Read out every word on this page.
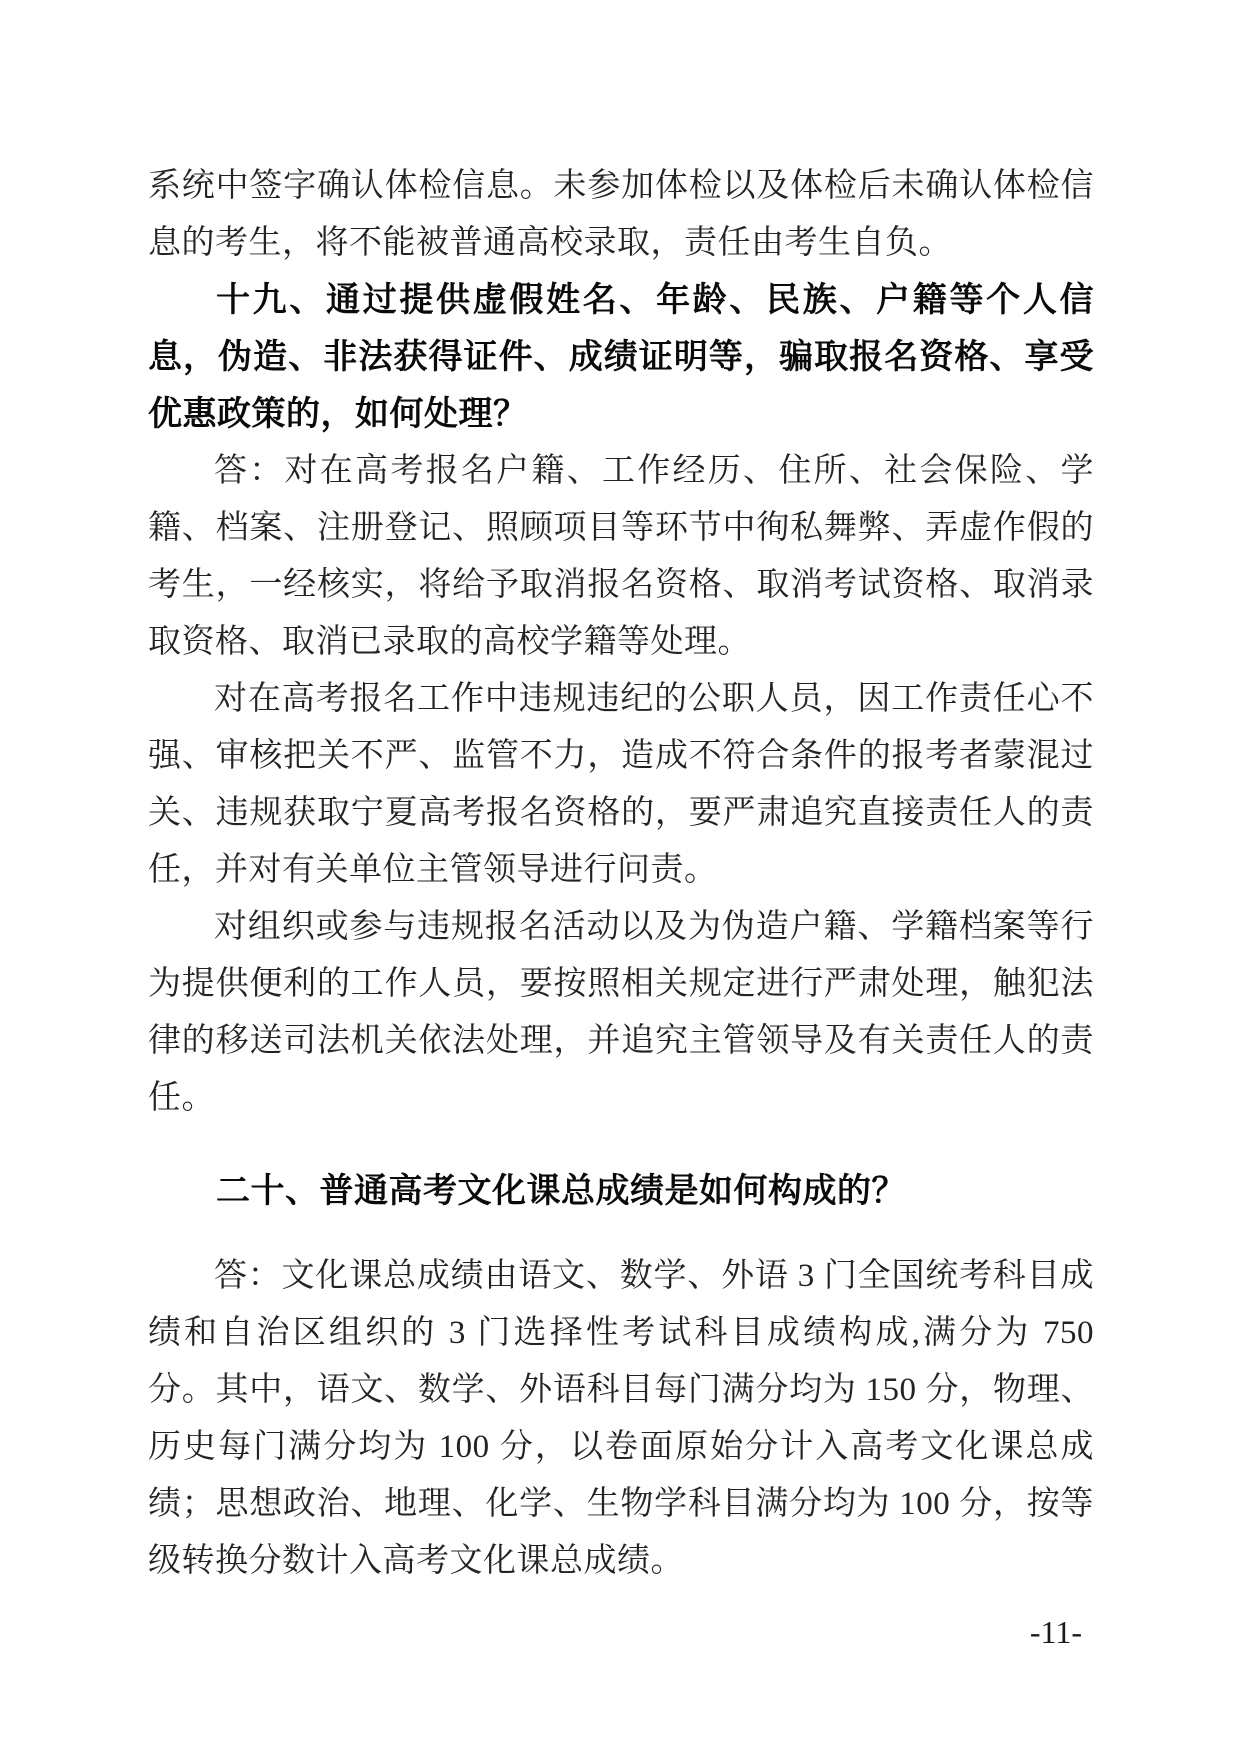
系统中签字确认体检信息。未参加体检以及体检后未确认体检信息的考生，将不能被普通高校录取，责任由考生自负。

十九、通过提供虚假姓名、年龄、民族、户籍等个人信息，伪造、非法获得证件、成绩证明等，骗取报名资格、享受优惠政策的，如何处理？

答：对在高考报名户籍、工作经历、住所、社会保险、学籍、档案、注册登记、照顾项目等环节中徇私舞弊、弄虚作假的考生，一经核实，将给予取消报名资格、取消考试资格、取消录取资格、取消已录取的高校学籍等处理。

对在高考报名工作中违规违纪的公职人员，因工作责任心不强、审核把关不严、监管不力，造成不符合条件的报考者蒙混过关、违规获取宁夏高考报名资格的，要严肃追究直接责任人的责任，并对有关单位主管领导进行问责。

对组织或参与违规报名活动以及为伪造户籍、学籍档案等行为提供便利的工作人员，要按照相关规定进行严肃处理，触犯法律的移送司法机关依法处理，并追究主管领导及有关责任人的责任。

二十、普通高考文化课总成绩是如何构成的？

答：文化课总成绩由语文、数学、外语 3 门全国统考科目成绩和自治区组织的 3 门选择性考试科目成绩构成,满分为 750 分。其中，语文、数学、外语科目每门满分均为 150 分，物理、历史每门满分均为 100 分，以卷面原始分计入高考文化课总成绩；思想政治、地理、化学、生物学科目满分均为 100 分，按等级转换分数计入高考文化课总成绩。

-11-
